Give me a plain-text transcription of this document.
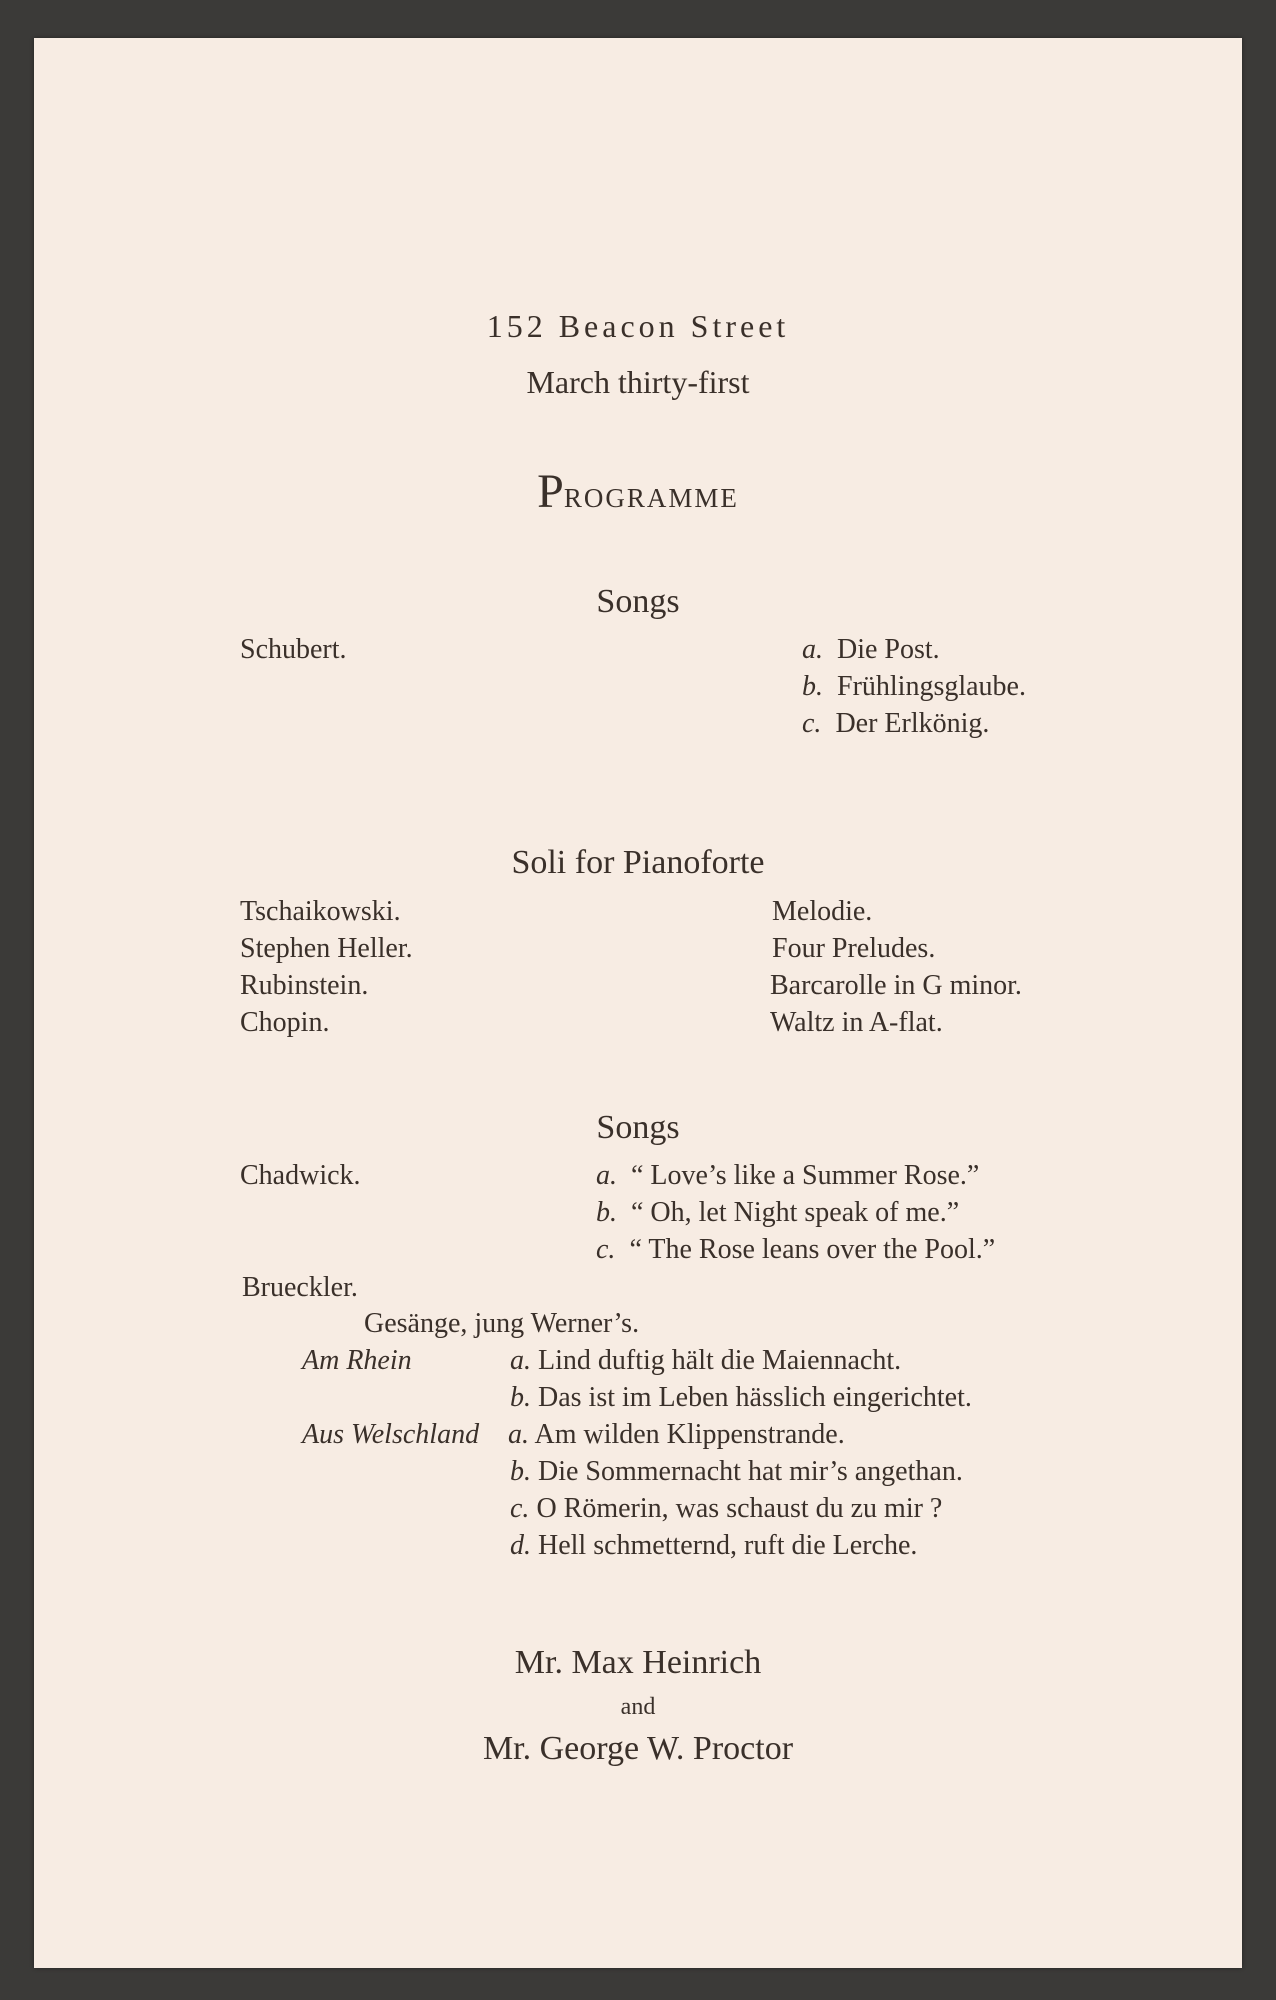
152 Beacon Street
March thirty-first
PROGRAMME
Songs
Schubert.	a. Die Post.
b. Frühlingsglaube.
c. Der Erlkönig.
Soli for Pianoforte
Tschaikowski.	Melodie.
Stephen Heller.	Four Preludes.
Rubinstein.	Barcarolle in G minor.
Chopin.	Waltz in A-flat.
Songs
Chadwick.	a. “ Love’s like a Summer Rose.”
b. “ Oh, let Night speak of me.”
c. “ The Rose leans over the Pool.”
Brueckler.
Gesänge, jung Werner’s.
Am Rhein	a. Lind duftig hält die Maiennacht.
b. Das ist im Leben hässlich eingerichtet.
Aus Welschland a. Am wilden Klippenstrande.
b. Die Sommernacht hat mir’s angethan.
c. O Römerin, was schaust du zu mir ?
d. Hell schmetternd, ruft die Lerche.
Mr. Max Heinrich
and
Mr. George W. Proctor
